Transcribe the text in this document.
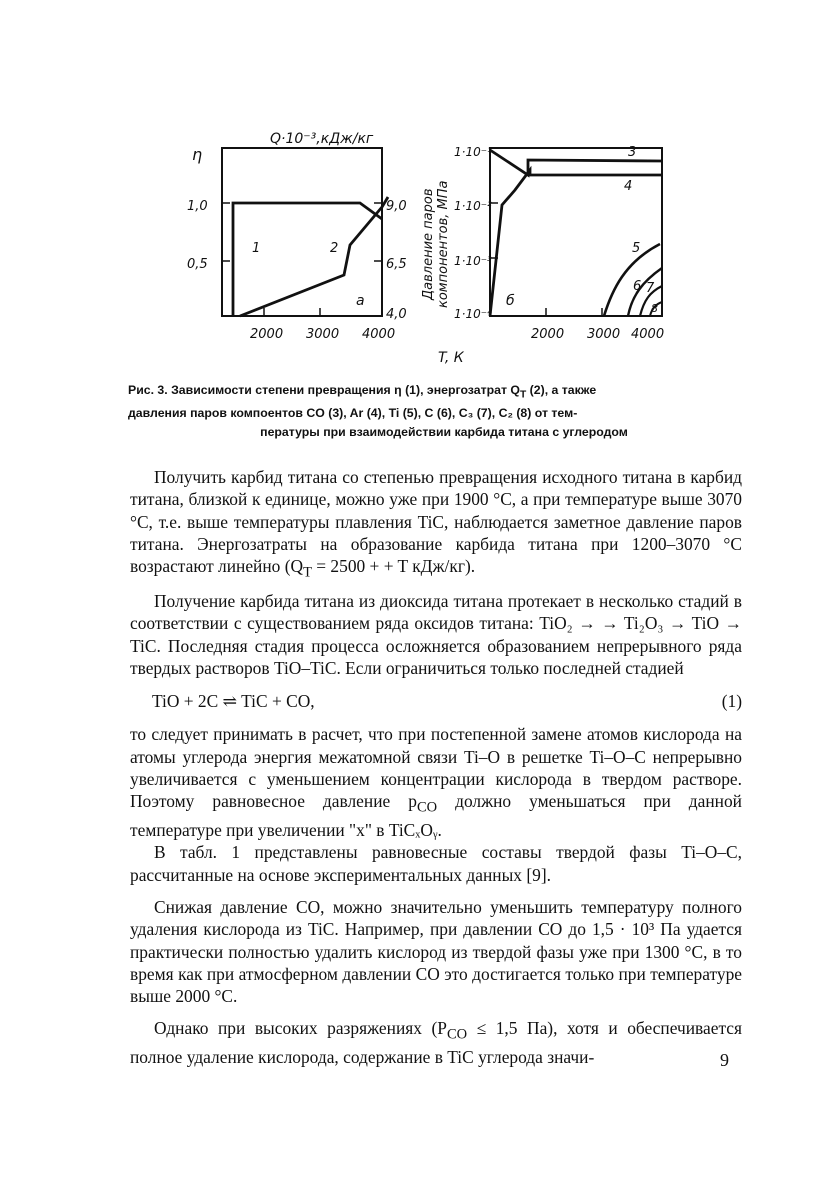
Q·10⁻³,кДж/кг
η
1,0
0,5
9,0
6,5
4,0
2000 3000 4000
1	2
а
Давление паров компонентов, МПа
1·10⁻¹
1·10⁻²
1·10⁻³
1·10⁻⁴
2000 3000 4000
3
4
5
6 7
8
б
T, К
Рис. 3. Зависимости степени превращения η (1), энергозатрат $Q_Т$ (2), а также
давления паров компоентов CO (3), Ar (4), Ti (5), C (6), C₃ (7), C₂ (8) от тем-
пературы при взаимодействии карбида титана с углеродом

Получить карбид титана со степенью превращения исходного титана в карбид титана, близкой к единице, можно уже при 1900 °C, а при температуре выше 3070 °C, т.е. выше температуры плавления TiC, наблюдается заметное давление паров титана. Энергозатраты на образование карбида титана при 1200–3070 °C возрастают линейно ($Q_T = 2500$ + + T кДж/кг).

Получение карбида титана из диоксида титана протекает в несколько стадий в соответствии с существованием ряда оксидов титана: TiO₂ → → Ti₂O₃ → TiO → TiC. Последняя стадия процесса осложняется образованием непрерывного ряда твердых растворов TiO–TiC. Если ограничиться только последней стадией

TiO + 2C ⇌ TiC + CO,	(1)

то следует принимать в расчет, что при постепенной замене атомов кислорода на атомы углерода энергия межатомной связи Ti–O в решетке Ti–O–C непрерывно увеличивается с уменьшением концентрации кислорода в твердом растворе. Поэтому равновесное давление $p_{CO}$ должно уменьшаться при данной температуре при увеличении "x" в TiCₓOᵧ.

В табл. 1 представлены равновесные составы твердой фазы Ti–O–C, рассчитанные на основе экспериментальных данных [9].

Снижая давление CO, можно значительно уменьшить температуру полного удаления кислорода из TiC. Например, при давлении CO до 1,5 · 10³ Па удается практически полностью удалить кислород из твердой фазы уже при 1300 °C, в то время как при атмосферном давлении CO это достигается только при температуре выше 2000 °C.

Однако при высоких разряжениях ($P_{CO} \le 1,5$ Па), хотя и обеспечивается полное удаление кислорода, содержание в TiC углерода значи-	9
